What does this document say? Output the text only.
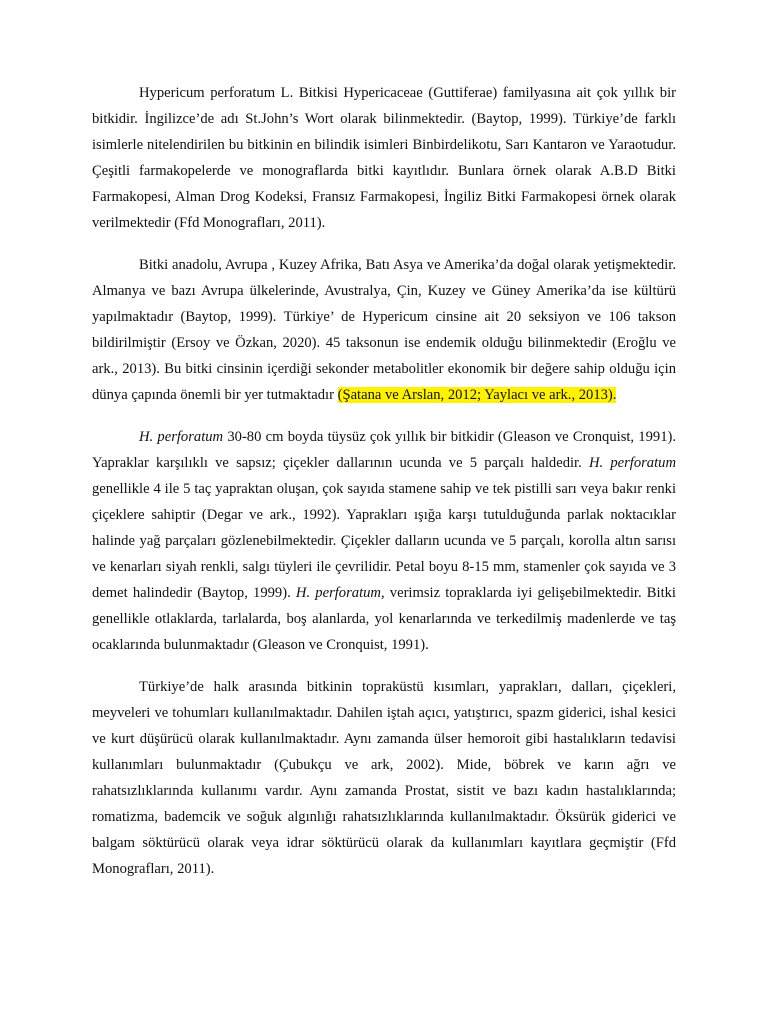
Hypericum perforatum L. Bitkisi Hypericaceae (Guttiferae) familyasına ait çok yıllık bir bitkidir. İngilizce’de adı St.John’s Wort olarak bilinmektedir. (Baytop, 1999). Türkiye’de farklı isimlerle nitelendirilen bu bitkinin en bilindik isimleri Binbirdelikotu, Sarı Kantaron ve Yaraotudur. Çeşitli farmakopelerde ve monograflarda bitki kayıtlıdır. Bunlara örnek olarak A.B.D Bitki Farmakopesi, Alman Drog Kodeksi, Fransız Farmakopesi, İngiliz Bitki Farmakopesi örnek olarak verilmektedir (Ffd Monografları, 2011).

Bitki anadolu, Avrupa , Kuzey Afrika, Batı Asya ve Amerika’da doğal olarak yetişmektedir. Almanya ve bazı Avrupa ülkelerinde, Avustralya, Çin, Kuzey ve Güney Amerika’da ise kültürü yapılmaktadır (Baytop, 1999). Türkiye’ de Hypericum cinsine ait 20 seksiyon ve 106 takson bildirilmiştir (Ersoy ve Özkan, 2020). 45 taksonun ise endemik olduğu bilinmektedir (Eroğlu ve ark., 2013). Bu bitki cinsinin içerdiği sekonder metabolitler ekonomik bir değere sahip olduğu için dünya çapında önemli bir yer tutmaktadır (Şatana ve Arslan, 2012; Yaylacı ve ark., 2013).

H. perforatum 30-80 cm boyda tüysüz çok yıllık bir bitkidir (Gleason ve Cronquist, 1991). Yapraklar karşılıklı ve sapsız; çiçekler dallarının ucunda ve 5 parçalı haldedir. H. perforatum genellikle 4 ile 5 taç yapraktan oluşan, çok sayıda stamene sahip ve tek pistilli sarı veya bakır renki çiçeklere sahiptir (Degar ve ark., 1992). Yaprakları ışığa karşı tutulduğunda parlak noktacıklar halinde yağ parçaları gözlenebilmektedir. Çiçekler dalların ucunda ve 5 parçalı, korolla altın sarısı ve kenarları siyah renkli, salgı tüyleri ile çevrilidir. Petal boyu 8-15 mm, stamenler çok sayıda ve 3 demet halindedir (Baytop, 1999). H. perforatum, verimsiz topraklarda iyi gelişebilmektedir. Bitki genellikle otlaklarda, tarlalarda, boş alanlarda, yol kenarlarında ve terkedilmiş madenlerde ve taş ocaklarında bulunmaktadır (Gleason ve Cronquist, 1991).

Türkiye’de halk arasında bitkinin topraküstü kısımları, yaprakları, dalları, çiçekleri, meyveleri ve tohumları kullanılmaktadır. Dahilen iştah açıcı, yatıştırıcı, spazm giderici, ishal kesici ve kurt düşürücü olarak kullanılmaktadır. Aynı zamanda ülser hemoroit gibi hastalıkların tedavisi kullanımları bulunmaktadır (Çubukçu ve ark, 2002). Mide, böbrek ve karın ağrı ve rahatsızlıklarında kullanımı vardır. Aynı zamanda Prostat, sistit ve bazı kadın hastalıklarında; romatizma, bademcik ve soğuk algınlığı rahatsızlıklarında kullanılmaktadır. Öksürük giderici ve balgam söktürücü olarak veya idrar söktürücü olarak da kullanımları kayıtlara geçmiştir (Ffd Monografları, 2011).
